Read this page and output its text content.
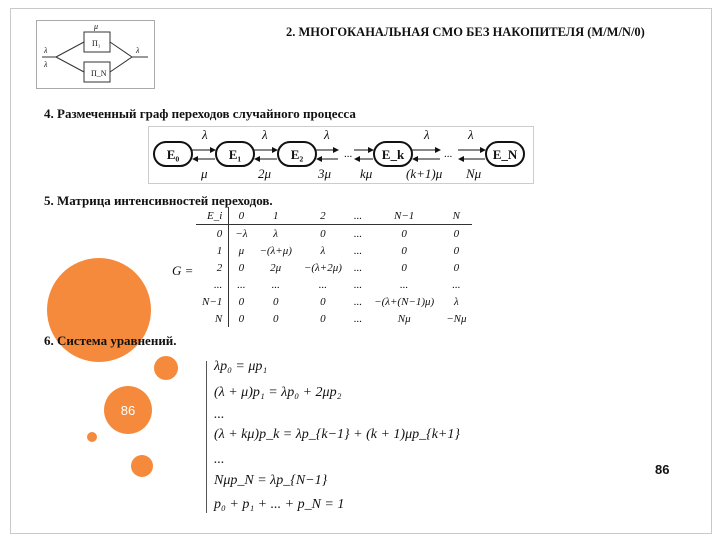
Π₁
Π_N
μ
λ
λ
λ
2. МНОГОКАНАЛЬНАЯ СМО БЕЗ НАКОПИТЕЛЯ (M/M/N/0)
4. Размеченный граф переходов случайного процесса
E₀	E₁	E₂	E_k	E_N
...	...
λ	λ	λ	λ	λ
μ	2μ	3μ kμ	(k+1)μ Nμ
5. Матрица интенсивностей переходов.
86
G =
E_i	0	1	2	...	N−1	N
0	−λ	λ	0	...	0	0
1	μ	−(λ+μ)	λ	...	0	0
2	0	2μ	−(λ+2μ)	...	0	0
...	...	...	...	...	...	...
N−1	0	0	0	...	−(λ+(N−1)μ)	λ
N	0	0	0	...	Nμ	−Nμ
6. Система уравнений.
λp₀ = μp₁
(λ + μ)p₁ = λp₀ + 2μp₂
...
(λ + kμ)p_k = λp_{k−1} + (k + 1)μp_{k+1}
...
Nμp_N = λp_{N−1}
p₀ + p₁ + ... + p_N = 1
86
